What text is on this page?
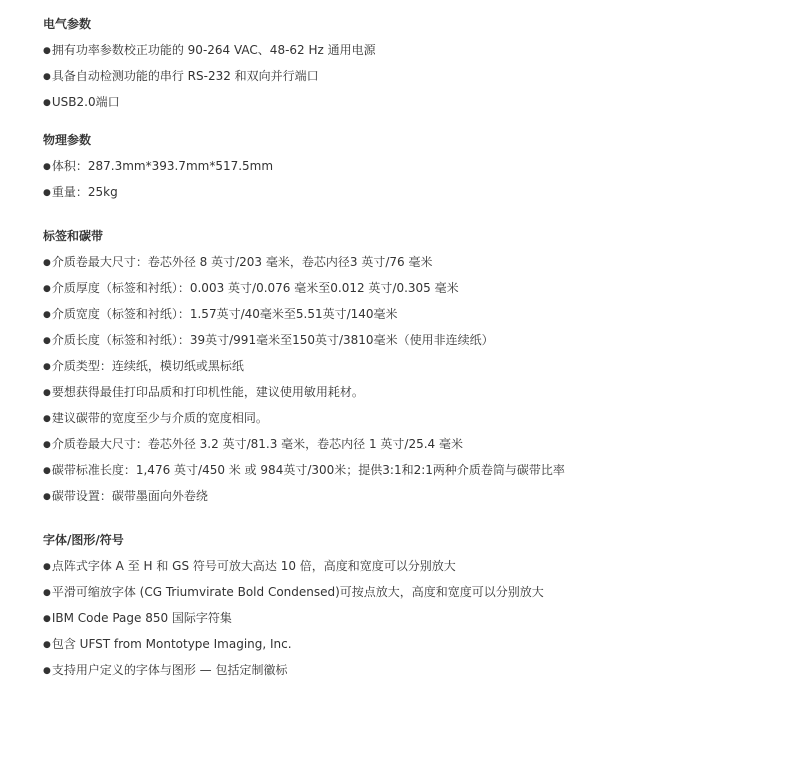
电气参数
●拥有功率参数校正功能的 90-264 VAC、48-62 Hz 通用电源
●具备自动检测功能的串行 RS-232 和双向并行端口
●USB2.0端口
物理参数
●体积：287.3mm*393.7mm*517.5mm
●重量：25kg
标签和碳带
●介质卷最大尺寸：卷芯外径 8 英寸/203 毫米，卷芯内径3 英寸/76 毫米
●介质厚度（标签和衬纸）：0.003 英寸/0.076 毫米至0.012 英寸/0.305 毫米
●介质宽度（标签和衬纸）：1.57英寸/40毫米至5.51英寸/140毫米
●介质长度（标签和衬纸）：39英寸/991毫米至150英寸/3810毫米（使用非连续纸）
●介质类型：连续纸，模切纸或黑标纸
●要想获得最佳打印品质和打印机性能，建议使用敏用耗材。
●建议碳带的宽度至少与介质的宽度相同。
●介质卷最大尺寸：卷芯外径 3.2 英寸/81.3 毫米，卷芯内径 1 英寸/25.4 毫米
●碳带标准长度：1,476 英寸/450 米 或 984英寸/300米；提供3:1和2:1两种介质卷筒与碳带比率
●碳带设置：碳带墨面向外卷绕
字体/图形/符号
●点阵式字体 A 至 H 和 GS 符号可放大高达 10 倍，高度和宽度可以分别放大
●平滑可缩放字体 (CG Triumvirate Bold Condensed)可按点放大，高度和宽度可以分别放大
●IBM Code Page 850 国际字符集
●包含 UFST from Montotype Imaging, Inc.
●支持用户定义的字体与图形 — 包括定制徽标
